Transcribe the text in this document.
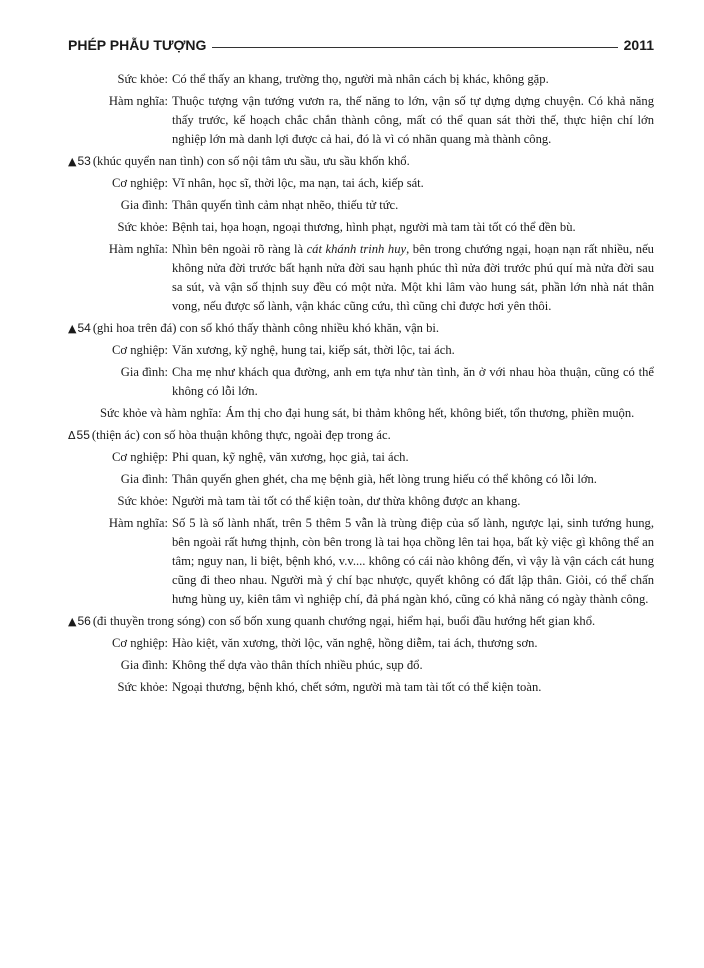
PHÉP PHẪU TƯỢNG	2011
Sức khỏe: Có thể thấy an khang, trường thọ, người mà nhân cách bị khác, không gặp.
Hàm nghĩa: Thuộc tượng vận tướng vươn ra, thế năng to lớn, vận số tự dựng dựng chuyện. Có khả năng thấy trước, kế hoạch chắc chắn thành công, mất có thể quan sát thời thế, thực hiện chí lớn nghiệp lớn mà danh lợi được cả hai, đó là vì có nhãn quang mà thành công.
▲53 (khúc quyển nan tình) con số nội tâm ưu sầu, ưu sầu khốn khổ.
Cơ nghiệp: Vĩ nhân, học sĩ, thời lộc, ma nạn, tai ách, kiếp sát.
Gia đình: Thân quyến tình cảm nhạt nhẽo, thiếu tử tức.
Sức khỏe: Bệnh tai, họa hoạn, ngoại thương, hình phạt, người mà tam tài tốt có thể đền bù.
Hàm nghĩa: Nhìn bên ngoài rõ ràng là cát khánh trinh huy, bên trong chướng ngại, hoạn nạn rất nhiều, nếu không nửa đời trước bất hạnh nửa đời sau hạnh phúc thì nửa đời trước phú quí mà nửa đời sau sa sút, và vận số thịnh suy đều có một nửa. Một khi lâm vào hung sát, phần lớn nhà nát thân vong, nếu được số lành, vận khác cũng cứu, thì cũng chỉ được hơi yên thôi.
▲54 (ghi hoa trên đá) con số khó thấy thành công nhiều khó khăn, vận bi.
Cơ nghiệp: Văn xương, kỹ nghệ, hung tai, kiếp sát, thời lộc, tai ách.
Gia đình: Cha mẹ như khách qua đường, anh em tựa như tàn tình, ăn ở với nhau hòa thuận, cũng có thể không có lỗi lớn.
Sức khỏe và hàm nghĩa: Ám thị cho đại hung sát, bi thảm không hết, không biết, tổn thương, phiền muộn.
Δ55 (thiện ác) con số hòa thuận không thực, ngoài đẹp trong ác.
Cơ nghiệp: Phi quan, kỹ nghệ, văn xương, học giả, tai ách.
Gia đình: Thân quyến ghen ghét, cha mẹ bệnh già, hết lòng trung hiếu có thể không có lỗi lớn.
Sức khỏe: Người mà tam tài tốt có thể kiện toàn, dư thừa không được an khang.
Hàm nghĩa: Số 5 là số lành nhất, trên 5 thêm 5 vẫn là trùng điệp của số lành, ngược lại, sinh tướng hung, bên ngoài rất hưng thịnh, còn bên trong là tai họa chồng lên tai họa, bất kỳ việc gì không thể an tâm; nguy nan, li biệt, bệnh khó, v.v.... không có cái nào không đến, vì vậy là vận cách cát hung cũng đi theo nhau. Người mà ý chí bạc nhược, quyết không có đất lập thân. Giỏi, có thể chấn hưng hùng uy, kiên tâm vì nghiệp chí, đả phá ngàn khó, cũng có khả năng có ngày thành công.
▲56 (đi thuyền trong sóng) con số bốn xung quanh chướng ngại, hiểm hại, buổi đầu hướng hết gian khổ.
Cơ nghiệp: Hào kiệt, văn xương, thời lộc, văn nghệ, hồng diễm, tai ách, thương sơn.
Gia đình: Không thể dựa vào thân thích nhiều phúc, sụp đổ.
Sức khỏe: Ngoại thương, bệnh khó, chết sớm, người mà tam tài tốt có thể kiện toàn.
